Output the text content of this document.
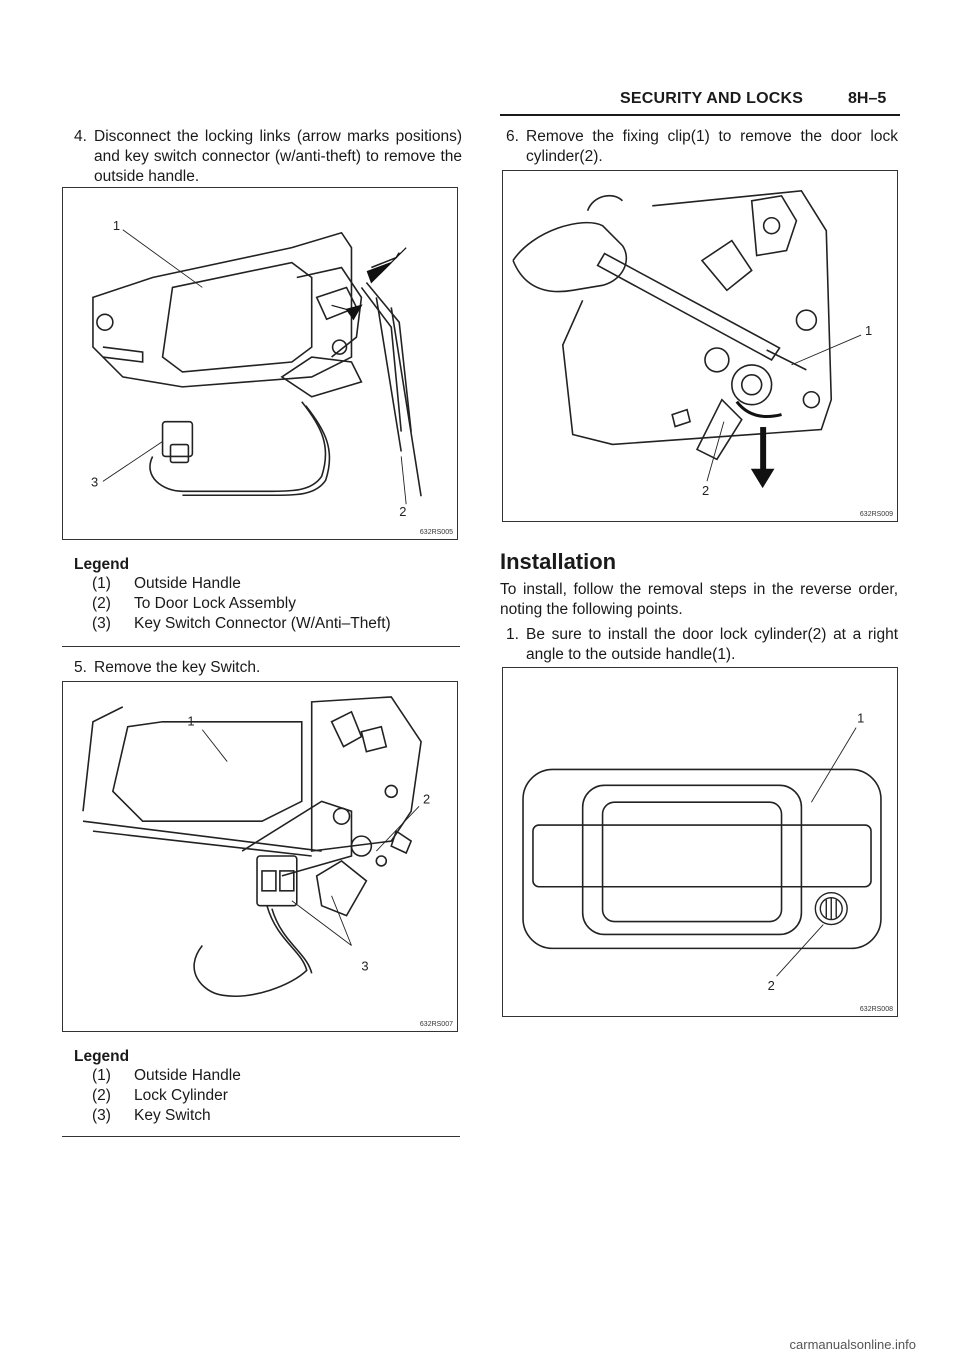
SECURITY AND LOCKS	8H–5
4. Disconnect the locking links (arrow marks positions) and key switch connector (w/anti-theft) to remove the outside handle.
1
2
3
632RS005
Legend
(1)	Outside Handle
(2)	To Door Lock Assembly
(3)	Key Switch Connector (W/Anti–Theft)
5. Remove the key Switch.
1
2
3
632RS007
Legend
(1)	Outside Handle
(2)	Lock Cylinder
(3)	Key Switch
6. Remove the fixing clip(1) to remove the door lock cylinder(2).
1
2
632RS009
Installation
To install, follow the removal steps in the reverse order, noting the following points.
1. Be sure to install the door lock cylinder(2) at a right angle to the outside handle(1).
1
2
632RS008
carmanualsonline.info
